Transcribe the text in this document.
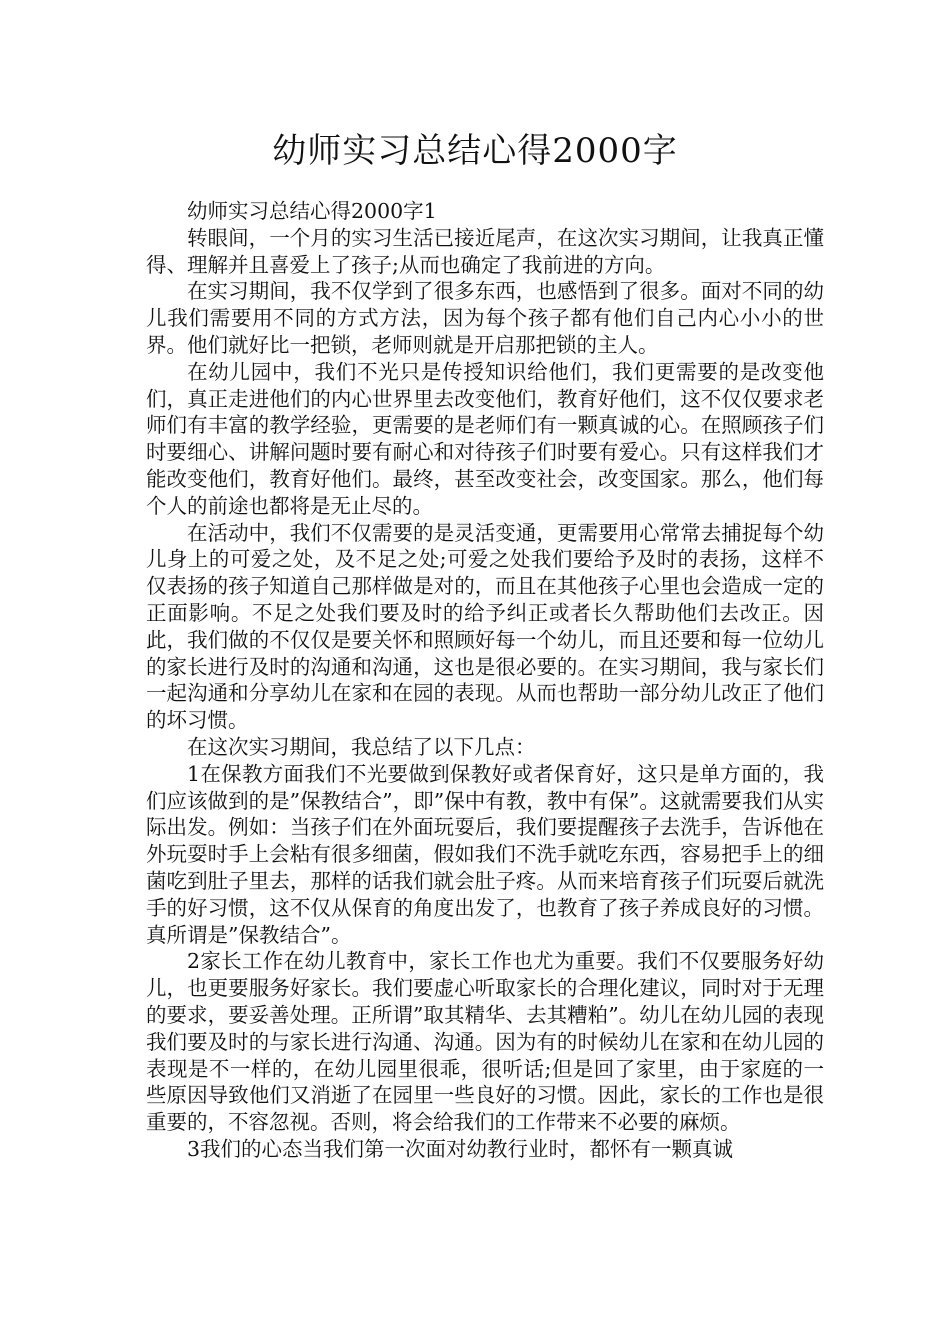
幼师实习总结心得2000字

幼师实习总结心得2000字1

转眼间，一个月的实习生活已接近尾声，在这次实习期间，让我真正懂得、理解并且喜爱上了孩子;从而也确定了我前进的方向。

在实习期间，我不仅学到了很多东西，也感悟到了很多。面对不同的幼儿我们需要用不同的方式方法，因为每个孩子都有他们自己内心小小的世界。他们就好比一把锁，老师则就是开启那把锁的主人。

在幼儿园中，我们不光只是传授知识给他们，我们更需要的是改变他们，真正走进他们的内心世界里去改变他们，教育好他们，这不仅仅要求老师们有丰富的教学经验，更需要的是老师们有一颗真诚的心。在照顾孩子们时要细心、讲解问题时要有耐心和对待孩子们时要有爱心。只有这样我们才能改变他们，教育好他们。最终，甚至改变社会，改变国家。那么，他们每个人的前途也都将是无止尽的。

在活动中，我们不仅需要的是灵活变通，更需要用心常常去捕捉每个幼儿身上的可爱之处，及不足之处;可爱之处我们要给予及时的表扬，这样不仅表扬的孩子知道自己那样做是对的，而且在其他孩子心里也会造成一定的正面影响。不足之处我们要及时的给予纠正或者长久帮助他们去改正。因此，我们做的不仅仅是要关怀和照顾好每一个幼儿，而且还要和每一位幼儿的家长进行及时的沟通和沟通，这也是很必要的。在实习期间，我与家长们一起沟通和分享幼儿在家和在园的表现。从而也帮助一部分幼儿改正了他们的坏习惯。

在这次实习期间，我总结了以下几点：

1在保教方面我们不光要做到保教好或者保育好，这只是单方面的，我们应该做到的是”保教结合”，即”保中有教，教中有保”。这就需要我们从实际出发。例如：当孩子们在外面玩耍后，我们要提醒孩子去洗手，告诉他在外玩耍时手上会粘有很多细菌，假如我们不洗手就吃东西，容易把手上的细菌吃到肚子里去，那样的话我们就会肚子疼。从而来培育孩子们玩耍后就洗手的好习惯，这不仅从保育的角度出发了，也教育了孩子养成良好的习惯。真所谓是”保教结合”。

2家长工作在幼儿教育中，家长工作也尤为重要。我们不仅要服务好幼儿，也更要服务好家长。我们要虚心听取家长的合理化建议，同时对于无理的要求，要妥善处理。正所谓”取其精华、去其糟粕”。幼儿在幼儿园的表现我们要及时的与家长进行沟通、沟通。因为有的时候幼儿在家和在幼儿园的表现是不一样的，在幼儿园里很乖，很听话;但是回了家里，由于家庭的一些原因导致他们又消逝了在园里一些良好的习惯。因此，家长的工作也是很重要的，不容忽视。否则，将会给我们的工作带来不必要的麻烦。

3我们的心态当我们第一次面对幼教行业时，都怀有一颗真诚
